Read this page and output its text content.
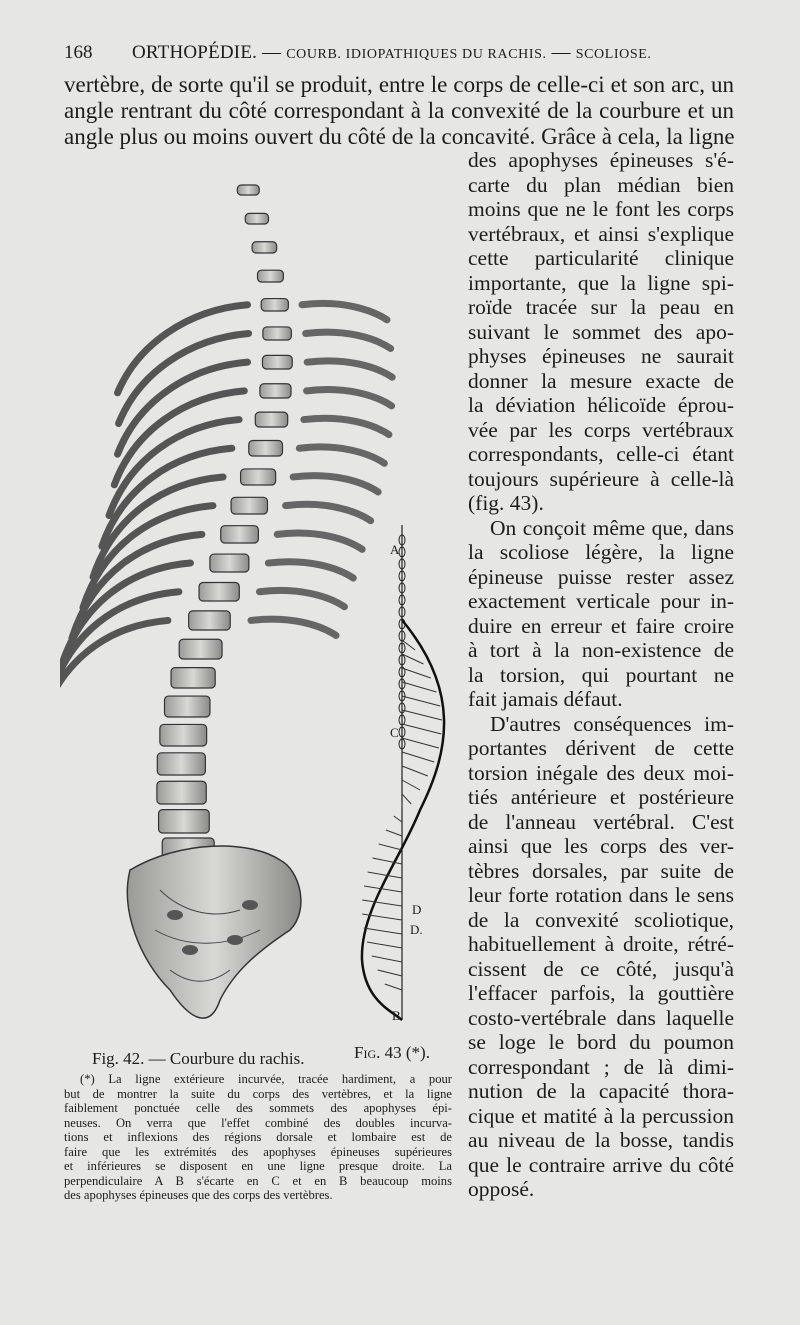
168 ORTHOPÉDIE. — COURB. IDIOPATHIQUES DU RACHIS. — SCOLIOSE.
vertèbre, de sorte qu'il se produit, entre le corps de celle-ci et son arc, un
angle rentrant du côté correspondant à la convexité de la courbure et un
angle plus ou moins ouvert du côté de la concavité. Grâce à cela, la ligne
des apophyses épineuses s'é-
carte du plan médian bien
moins que ne le font les corps
vertébraux, et ainsi s'explique
cette particularité clinique
importante, que la ligne spi-
roïde tracée sur la peau en
suivant le sommet des apo-
physes épineuses ne saurait
donner la mesure exacte de
la déviation hélicoïde éprou-
vée par les corps vertébraux
correspondants, celle-ci étant
toujours supérieure à celle-là
(fig. 43).
On conçoit même que, dans
la scoliose légère, la ligne
épineuse puisse rester assez
exactement verticale pour in-
duire en erreur et faire croire
à tort à la non-existence de
la torsion, qui pourtant ne
fait jamais défaut.
D'autres conséquences im-
portantes dérivent de cette
torsion inégale des deux moi-
tiés antérieure et postérieure
de l'anneau vertébral. C'est
ainsi que les corps des ver-
tèbres dorsales, par suite de
leur forte rotation dans le sens
de la convexité scoliotique,
habituellement à droite, rétré-
cissent de ce côté, jusqu'à
l'effacer parfois, la gouttière
costo-vertébrale dans laquelle
se loge le bord du poumon
correspondant ; de là dimi-
nution de la capacité thora-
cique et matité à la percussion
au niveau de la bosse, tandis
que le contraire arrive du côté
opposé.
A
C
D
D.
B
Fig. 42. — Courbure du rachis.	Fig. 43 (*).
(*) La ligne extérieure incurvée, tracée hardiment, a pour
but de montrer la suite du corps des vertèbres, et la ligne
faiblement ponctuée celle des sommets des apophyses épi-
neuses. On verra que l'effet combiné des doubles incurva-
tions et inflexions des régions dorsale et lombaire est de
faire que les extrémités des apophyses épineuses supérieures
et inférieures se disposent en une ligne presque droite. La
perpendiculaire A B s'écarte en C et en B beaucoup moins
des apophyses épineuses que des corps des vertèbres.
